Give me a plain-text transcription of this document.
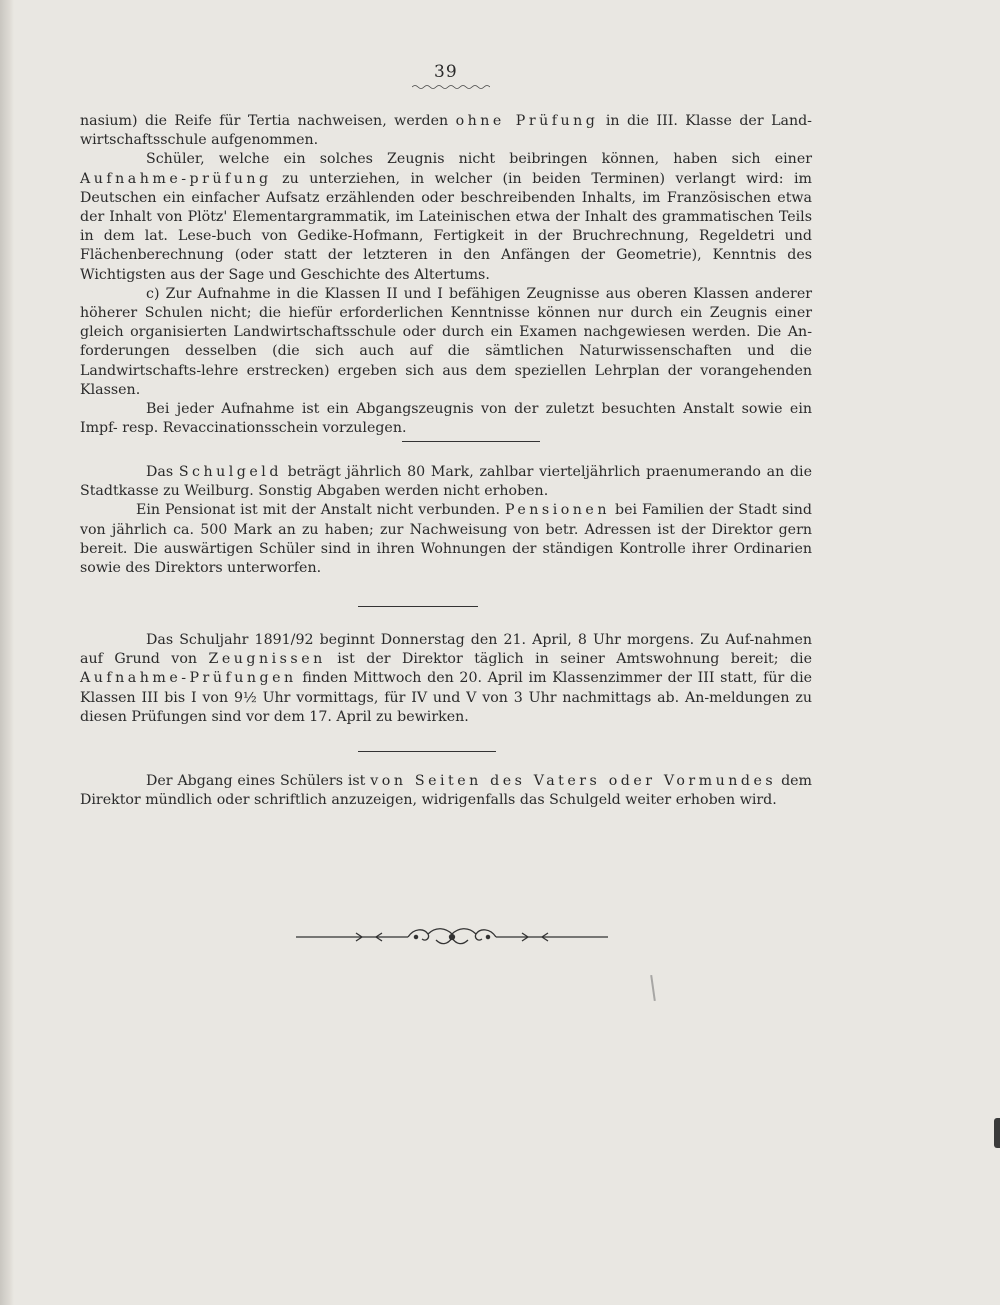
39

nasium) die Reife für Tertia nachweisen, werden ohne Prüfung in die III. Klasse der Land-wirtschaftsschule aufgenommen.

Schüler, welche ein solches Zeugnis nicht beibringen können, haben sich einer Aufnahme-prüfung zu unterziehen, in welcher (in beiden Terminen) verlangt wird: im Deutschen ein einfacher Aufsatz erzählenden oder beschreibenden Inhalts, im Französischen etwa der Inhalt von Plötz' Elementargrammatik, im Lateinischen etwa der Inhalt des grammatischen Teils in dem lat. Lese-buch von Gedike-Hofmann, Fertigkeit in der Bruchrechnung, Regeldetri und Flächenberechnung (oder statt der letzteren in den Anfängen der Geometrie), Kenntnis des Wichtigsten aus der Sage und Geschichte des Altertums.

c) Zur Aufnahme in die Klassen II und I befähigen Zeugnisse aus oberen Klassen anderer höherer Schulen nicht; die hiefür erforderlichen Kenntnisse können nur durch ein Zeugnis einer gleich organisierten Landwirtschaftsschule oder durch ein Examen nachgewiesen werden. Die An-forderungen desselben (die sich auch auf die sämtlichen Naturwissenschaften und die Landwirtschafts-lehre erstrecken) ergeben sich aus dem speziellen Lehrplan der vorangehenden Klassen.

Bei jeder Aufnahme ist ein Abgangszeugnis von der zuletzt besuchten Anstalt sowie ein Impf- resp. Revaccinationsschein vorzulegen.

Das Schulgeld beträgt jährlich 80 Mark, zahlbar vierteljährlich praenumerando an die Stadtkasse zu Weilburg. Sonstig Abgaben werden nicht erhoben.

Ein Pensionat ist mit der Anstalt nicht verbunden. Pensionen bei Familien der Stadt sind von jährlich ca. 500 Mark an zu haben; zur Nachweisung von betr. Adressen ist der Direktor gern bereit. Die auswärtigen Schüler sind in ihren Wohnungen der ständigen Kontrolle ihrer Ordinarien sowie des Direktors unterworfen.

Das Schuljahr 1891/92 beginnt Donnerstag den 21. April, 8 Uhr morgens. Zu Auf-nahmen auf Grund von Zeugnissen ist der Direktor täglich in seiner Amtswohnung bereit; die Aufnahme-Prüfungen finden Mittwoch den 20. April im Klassenzimmer der III statt, für die Klassen III bis I von 9½ Uhr vormittags, für IV und V von 3 Uhr nachmittags ab. An-meldungen zu diesen Prüfungen sind vor dem 17. April zu bewirken.

Der Abgang eines Schülers ist von Seiten des Vaters oder Vormundes dem Direktor mündlich oder schriftlich anzuzeigen, widrigenfalls das Schulgeld weiter erhoben wird.
